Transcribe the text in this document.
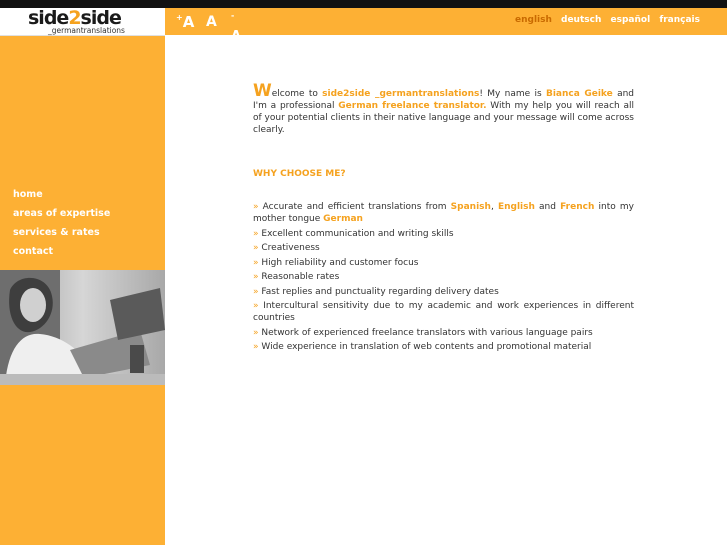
side2side
_germantranslations
+A A -A
english deutsch español français
home
areas of expertise
services & rates
contact
Welcome to side2side _germantranslations! My name is Bianca Geike and I'm a professional German freelance translator. With my help you will reach all of your potential clients in their native language and your message will come across clearly.
WHY CHOOSE ME?
» Accurate and efficient translations from Spanish, English and French into my mother tongue German
» Excellent communication and writing skills
» Creativeness
» High reliability and customer focus
» Reasonable rates
» Fast replies and punctuality regarding delivery dates
» Intercultural sensitivity due to my academic and work experiences in different countries
» Network of experienced freelance translators with various language pairs
» Wide experience in translation of web contents and promotional material
